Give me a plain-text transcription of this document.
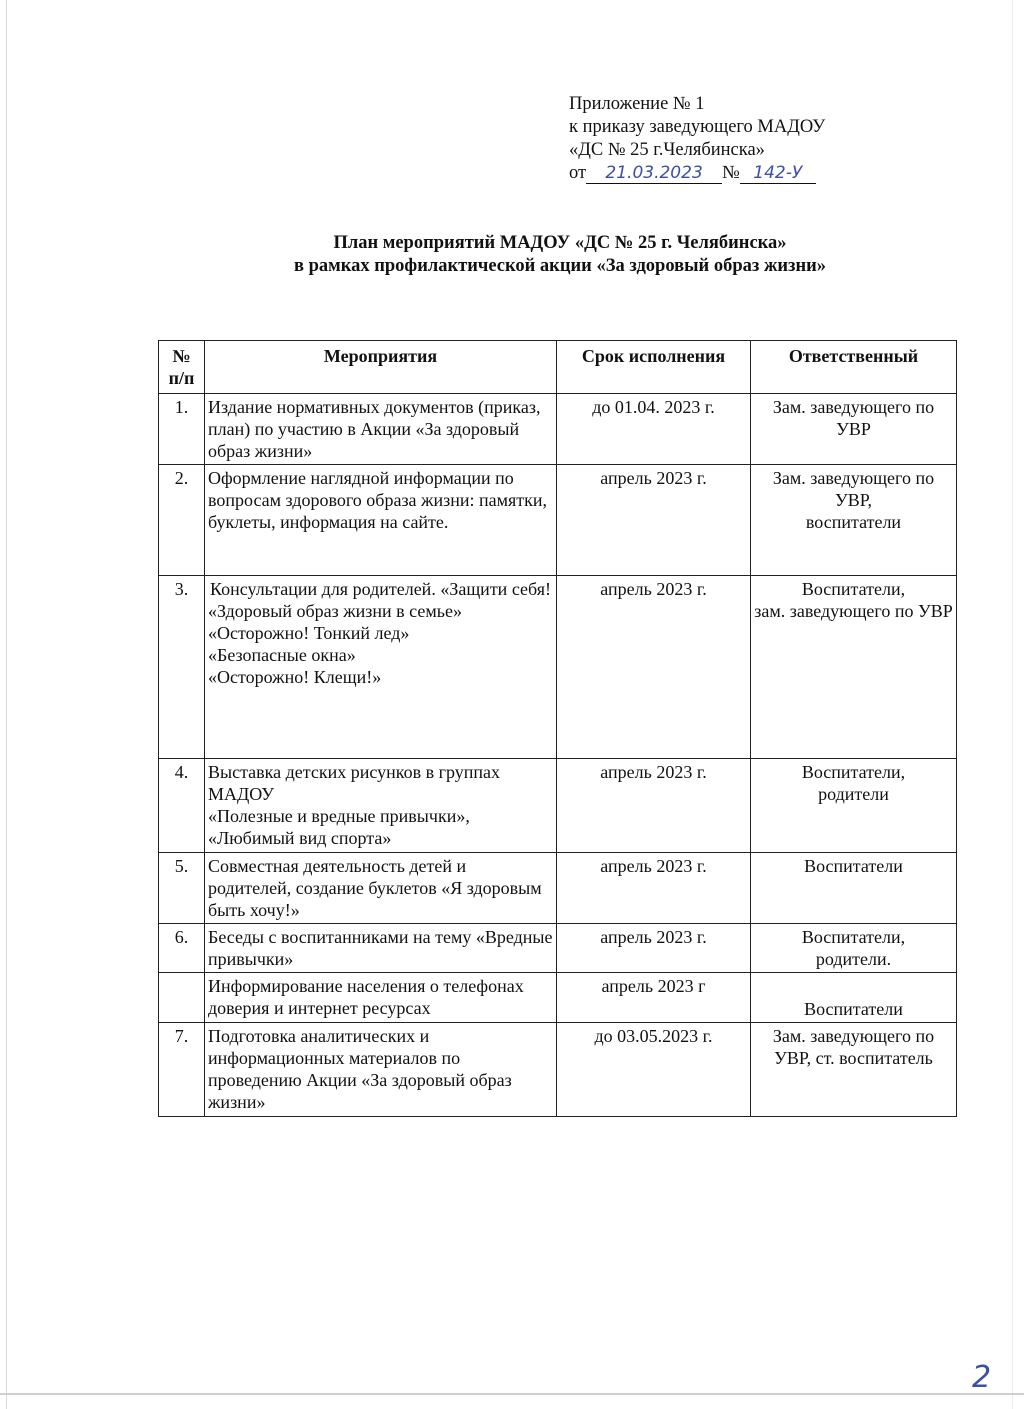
Приложение № 1
к приказу заведующего МАДОУ
«ДС № 25 г.Челябинска»
от 21.03.2023 № 142-У
План мероприятий МАДОУ «ДС № 25 г. Челябинска»
в рамках профилактической акции «За здоровый образ жизни»
№
п/п	Мероприятия	Срок исполнения	Ответственный
1.	Издание нормативных документов (приказ, план) по участию в Акции «За здоровый образ жизни»	до 01.04. 2023 г.	Зам. заведующего по УВР
2.	Оформление наглядной информации по вопросам здорового образа жизни: памятки, буклеты, информация на сайте.	апрель 2023 г.	Зам. заведующего по УВР,
воспитатели

3.	Консультации для родителей. «Защити себя!
«Здоровый образ жизни в семье»
«Осторожно! Тонкий лед»
«Безопасные окна»
«Осторожно! Клещи!»	апрель 2023 г.	Воспитатели,
зам. заведующего по УВР

4.	Выставка детских рисунков в группах МАДОУ
«Полезные и вредные привычки»,
«Любимый вид спорта»	апрель 2023 г.	Воспитатели,
родители

5.	Совместная деятельность детей и родителей, создание буклетов «Я здоровым быть хочу!»	апрель 2023 г.	Воспитатели
6.	Беседы с воспитанниками на тему «Вредные привычки»	апрель 2023 г.	Воспитатели,
родители.

	Информирование населения о телефонах доверия и интернет ресурсах	апрель 2023 г	Воспитатели
7.	Подготовка аналитических и информационных материалов по проведению Акции «За здоровый образ жизни»	до 03.05.2023 г.	Зам. заведующего по УВР, ст. воспитатель
2
